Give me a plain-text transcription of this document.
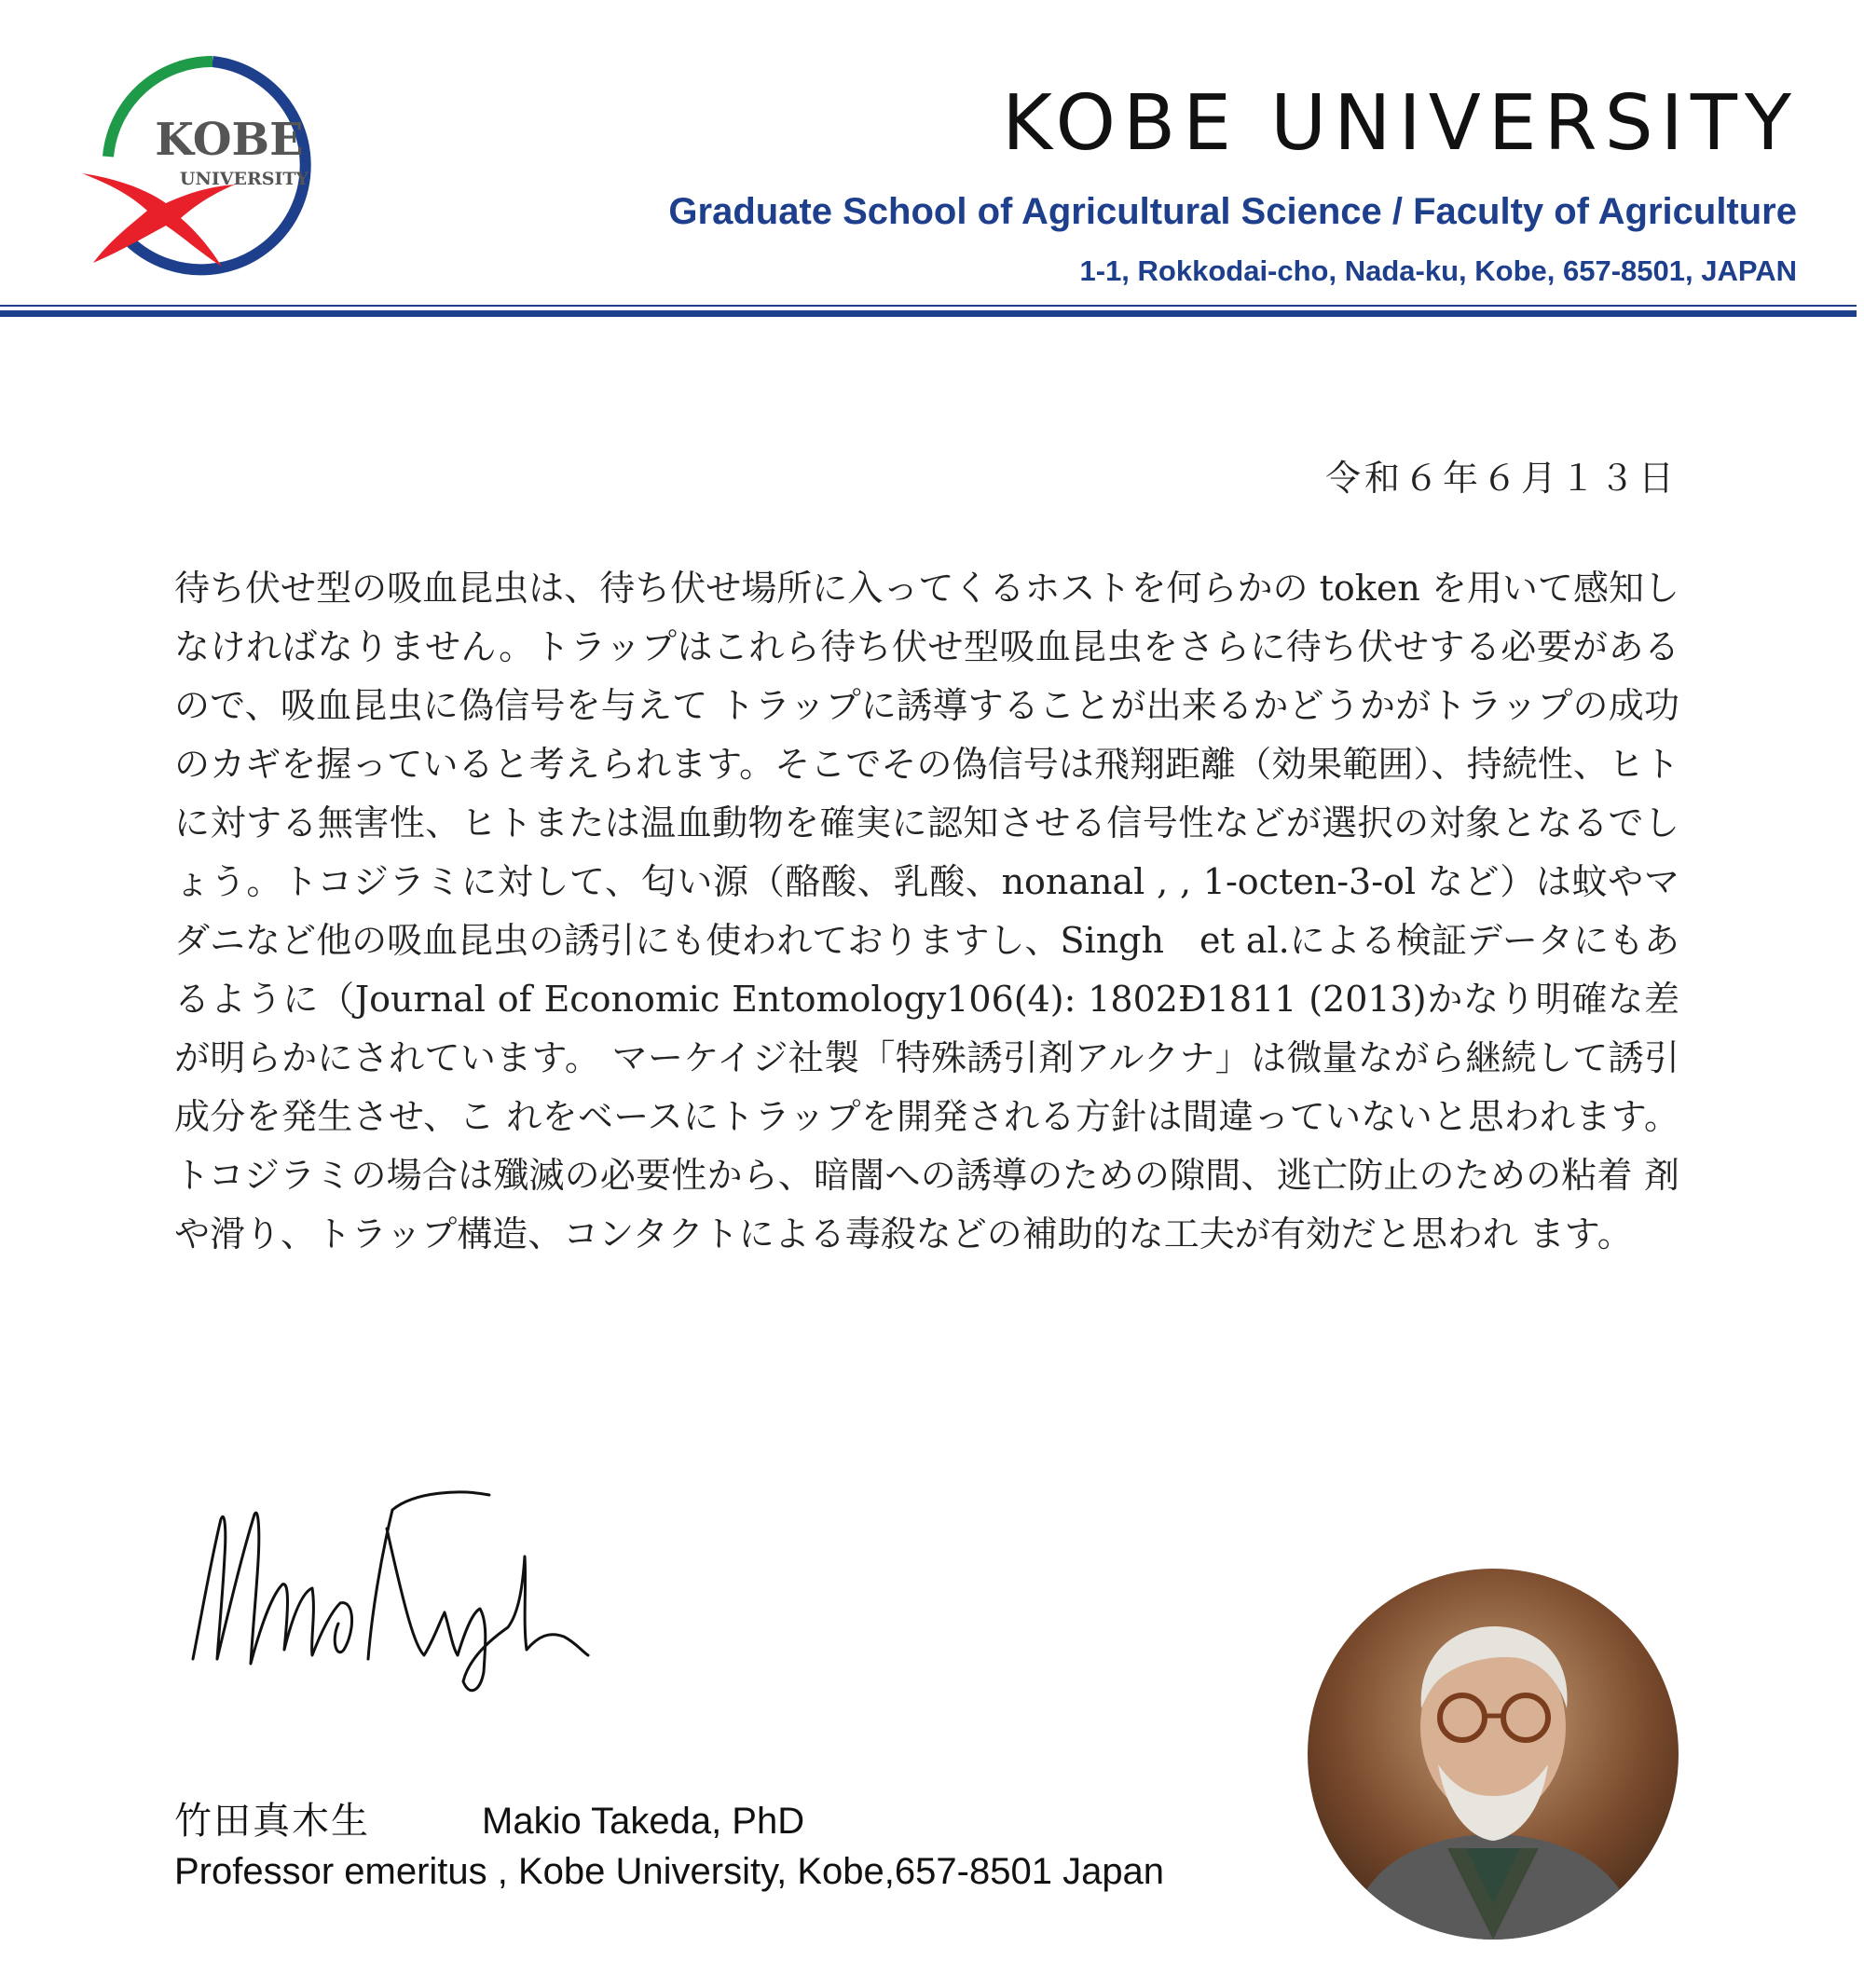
KOBE
UNIVERSITY
KOBE UNIVERSITY

Graduate School of Agricultural Science / Faculty of Agriculture

1-1, Rokkodai-cho, Nada-ku, Kobe, 657-8501, JAPAN

令和６年６月１３日

待ち伏せ型の吸血昆虫は、待ち伏せ場所に入ってくるホストを何らかの token を用いて感知しなければなりません。トラップはこれら待ち伏せ型吸血昆虫をさらに待ち伏せする必要があるので、吸血昆虫に偽信号を与えて トラップに誘導することが出来るかどうかがトラップの成功のカギを握っていると考えられます。そこでその偽信号は飛翔距離（効果範囲）、持続性、ヒトに対する無害性、ヒトまたは温血動物を確実に認知させる信号性などが選択の対象となるでしょう。トコジラミに対して、匂い源（酪酸、乳酸、nonanal , , 1-octen-3-ol など）は蚊やマダニなど他の吸血昆虫の誘引にも使われておりますし、Singh　et al.による検証データにもあるように（Journal of Economic Entomology106(4): 1802Ð1811 (2013)かなり明確な差が明らかにされています。 マーケイジ社製「特殊誘引剤アルクナ」は微量ながら継続して誘引成分を発生させ、こ れをベースにトラップを開発される方針は間違っていないと思われます。トコジラミの場合は殲滅の必要性から、暗闇への誘導のための隙間、逃亡防止のための粘着 剤や滑り、トラップ構造、コンタクトによる毒殺などの補助的な工夫が有効だと思われ ます。

竹田真木生	Makio Takeda, PhD

Professor emeritus , Kobe University, Kobe,657-8501 Japan
